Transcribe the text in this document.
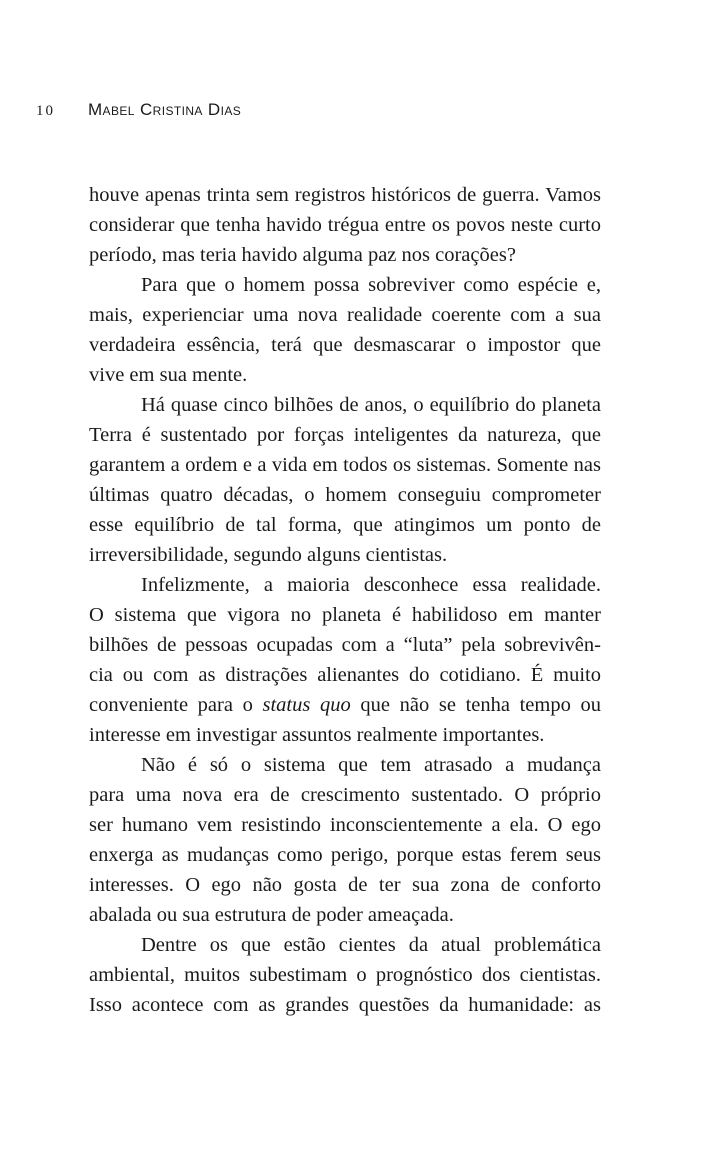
10	Mabel Cristina Dias
houve apenas trinta sem registros históricos de guerra. Vamos
considerar que tenha havido trégua entre os povos neste curto
período, mas teria havido alguma paz nos corações?
Para que o homem possa sobreviver como espécie e,
mais, experienciar uma nova realidade coerente com a sua
verdadeira essência, terá que desmascarar o impostor que
vive em sua mente.
Há quase cinco bilhões de anos, o equilíbrio do planeta
Terra é sustentado por forças inteligentes da natureza, que
garantem a ordem e a vida em todos os sistemas. Somente nas
últimas quatro décadas, o homem conseguiu comprometer
esse equilíbrio de tal forma, que atingimos um ponto de
irreversibilidade, segundo alguns cientistas.
Infelizmente, a maioria desconhece essa realidade.
O sistema que vigora no planeta é habilidoso em manter
bilhões de pessoas ocupadas com a “luta” pela sobrevivên-
cia ou com as distrações alienantes do cotidiano. É muito
conveniente para o status quo que não se tenha tempo ou
interesse em investigar assuntos realmente importantes.
Não é só o sistema que tem atrasado a mudança
para uma nova era de crescimento sustentado. O próprio
ser humano vem resistindo inconscientemente a ela. O ego
enxerga as mudanças como perigo, porque estas ferem seus
interesses. O ego não gosta de ter sua zona de conforto
abalada ou sua estrutura de poder ameaçada.
Dentre os que estão cientes da atual problemática
ambiental, muitos subestimam o prognóstico dos cientistas.
Isso acontece com as grandes questões da humanidade: as
